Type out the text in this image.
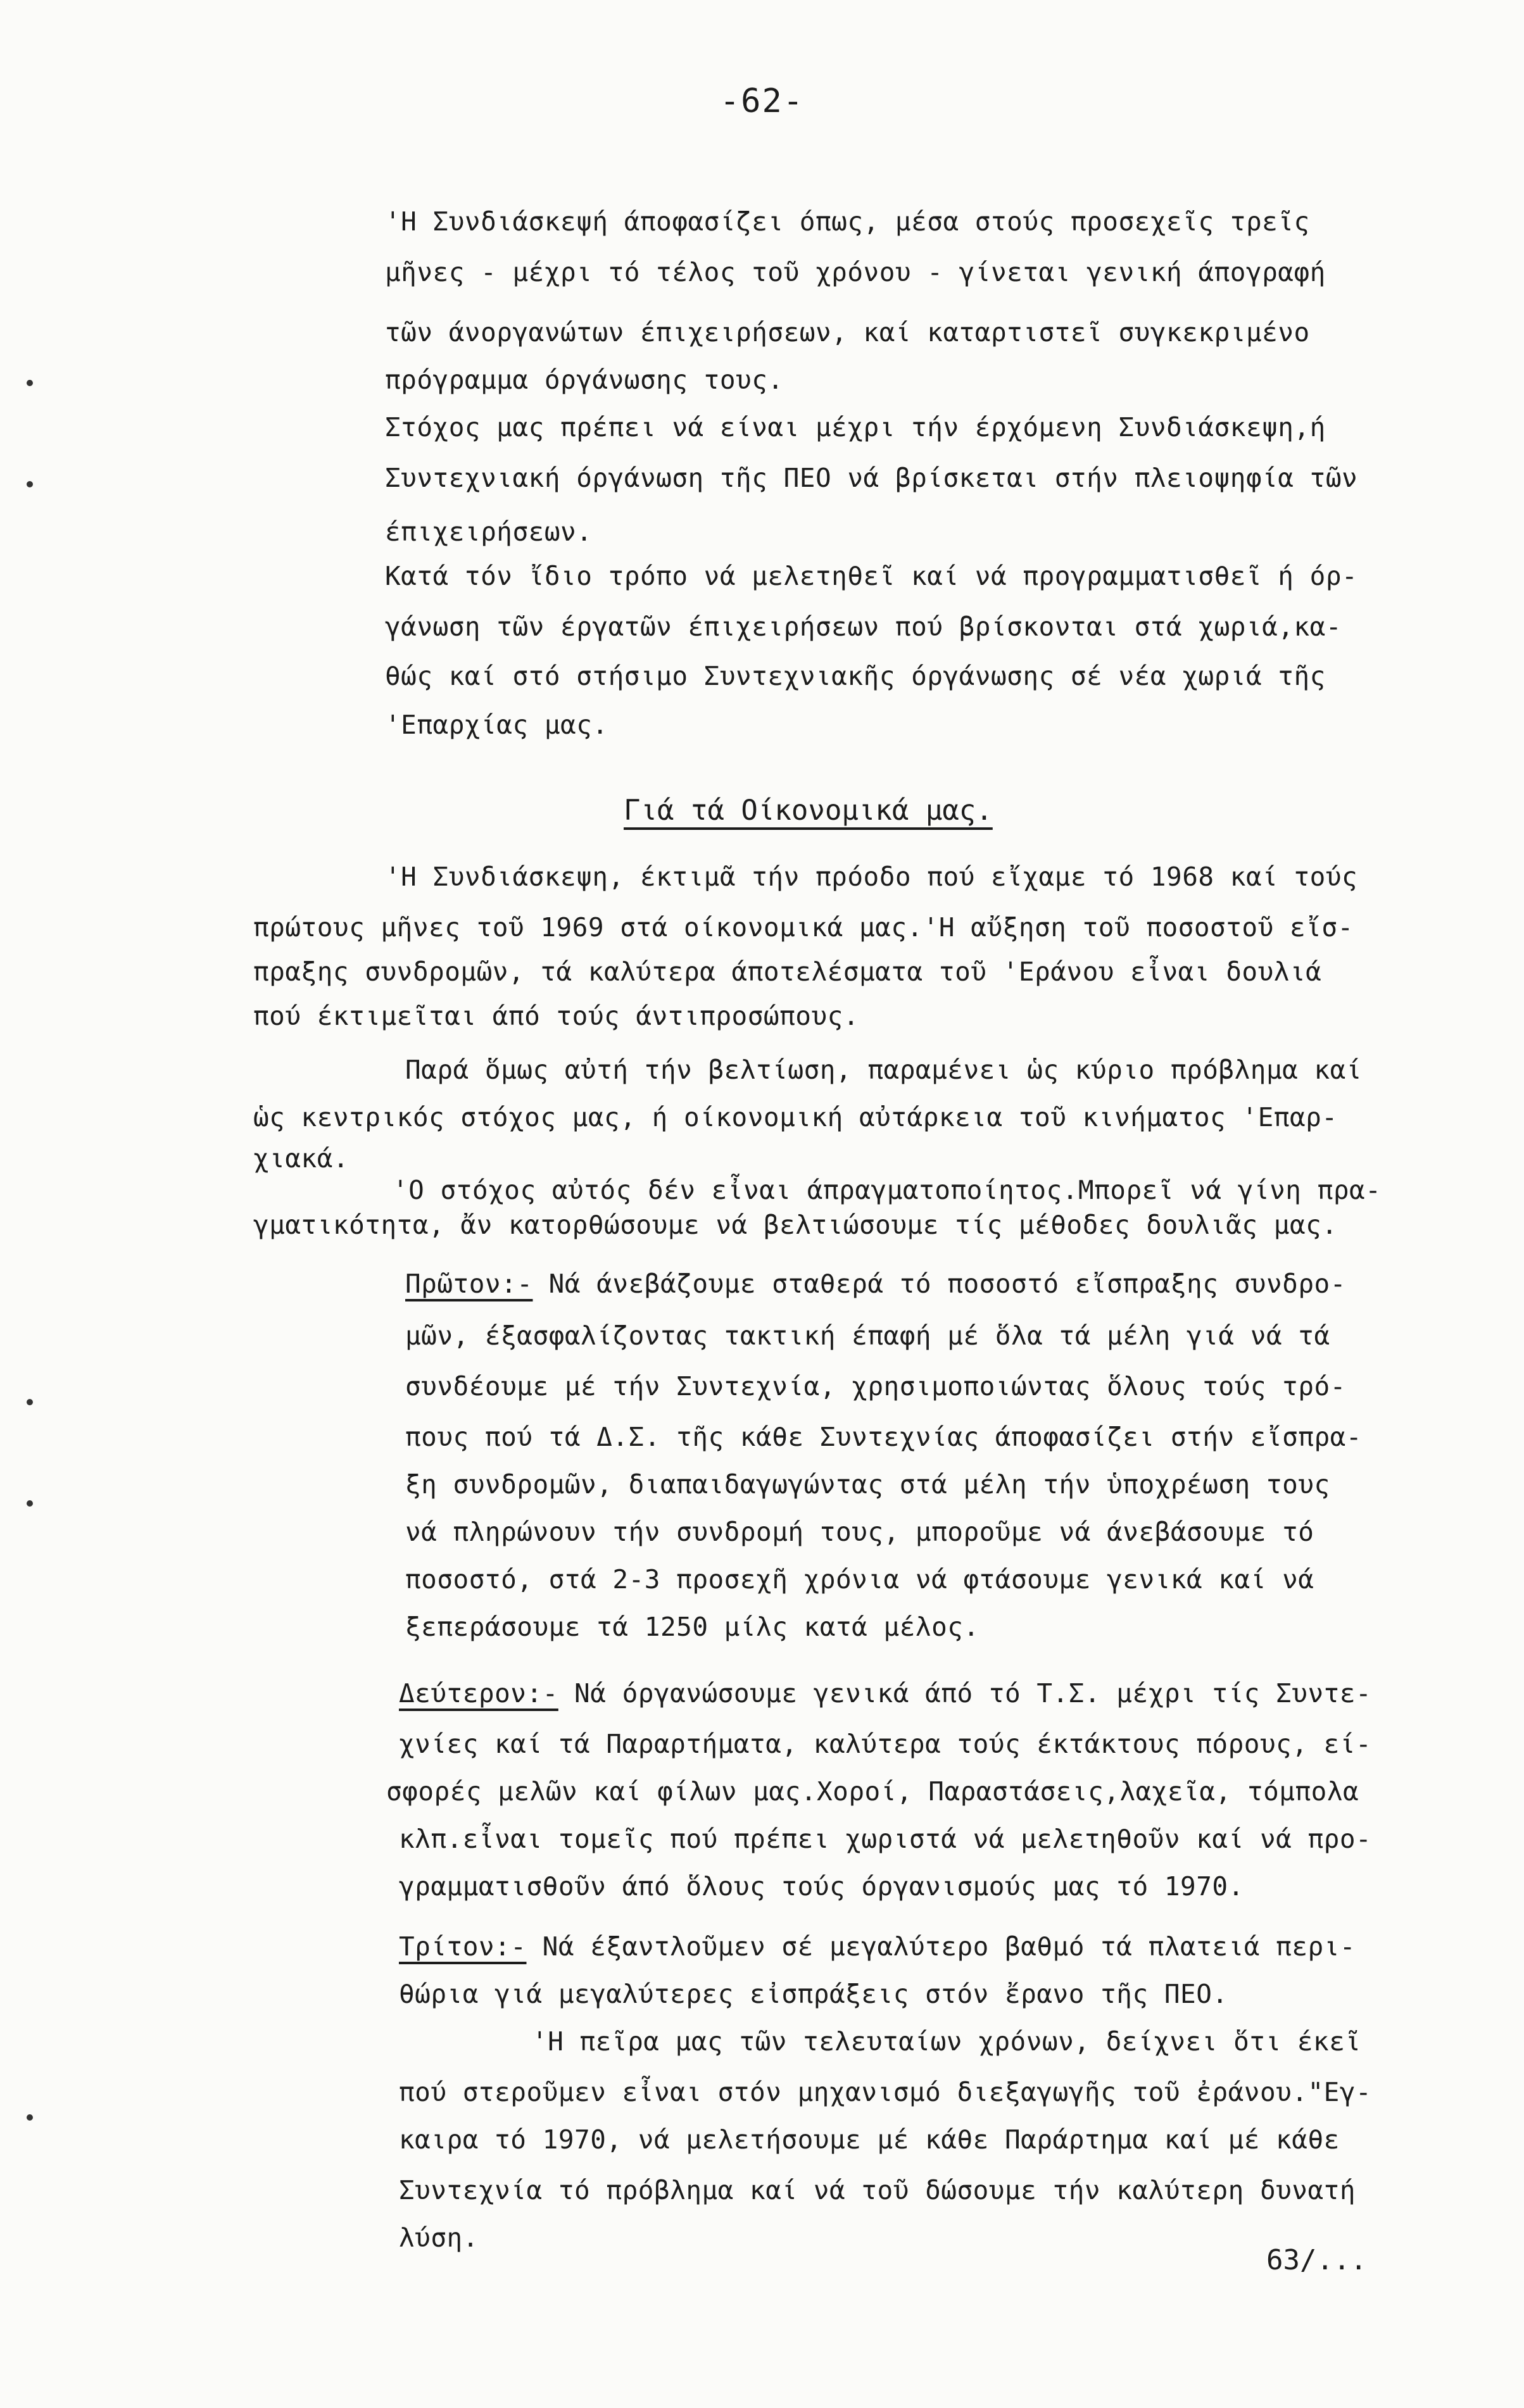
-62-
'Η Συνδιάσκεψή άποφασίζει όπως, μέσα στούς προσεχεῖς τρεῖς
μῆνες - μέχρι τό τέλος τοῦ χρόνου - γίνεται γενική άπογραφή
τῶν άνοργανώτων έπιχειρήσεων, καί καταρτιστεῖ συγκεκριμένο
πρόγραμμα όργάνωσης τους.
Στόχος μας πρέπει νά είναι μέχρι τήν έρχόμενη Συνδιάσκεψη,ή
Συντεχνιακή όργάνωση τῆς ΠΕΟ νά βρίσκεται στήν πλειοψηφία τῶν
έπιχειρήσεων.
Κατά τόν ἴδιο τρόπο νά μελετηθεῖ καί νά προγραμματισθεῖ ή όρ-
γάνωση τῶν έργατῶν έπιχειρήσεων πού βρίσκονται στά χωριά,κα-
θώς καί στό στήσιμο Συντεχνιακῆς όργάνωσης σέ νέα χωριά τῆς
'Επαρχίας μας.
Γιά τά Οίκονομικά μας.
'Η Συνδιάσκεψη, έκτιμᾶ τήν πρόοδο πού εἴχαμε τό 1968 καί τούς
πρώτους μῆνες τοῦ 1969 στά οίκονομικά μας.'Η αὔξηση τοῦ ποσοστοῦ εἴσ-
πραξης συνδρομῶν, τά καλύτερα άποτελέσματα τοῦ 'Εράνου εἶναι δουλιά
πού έκτιμεῖται άπό τούς άντιπροσώπους.
Παρά ὅμως αὐτή τήν βελτίωση, παραμένει ὡς κύριο πρόβλημα καί
ὡς κεντρικός στόχος μας, ή οίκονομική αὐτάρκεια τοῦ κινήματος 'Επαρ-
χιακά.
'Ο στόχος αὐτός δέν εἶναι άπραγματοποίητος.Μπορεῖ νά γίνη πρα-
γματικότητα, ἄν κατορθώσουμε νά βελτιώσουμε τίς μέθοδες δουλιᾶς μας.
Πρῶτον:- Νά άνεβάζουμε σταθερά τό ποσοστό εἴσπραξης συνδρο-
μῶν, έξασφαλίζοντας τακτική έπαφή μέ ὅλα τά μέλη γιά νά τά
συνδέουμε μέ τήν Συντεχνία, χρησιμοποιώντας ὅλους τούς τρό-
πους πού τά Δ.Σ. τῆς κάθε Συντεχνίας άποφασίζει στήν εἴσπρα-
ξη συνδρομῶν, διαπαιδαγωγώντας στά μέλη τήν ὑποχρέωση τους
νά πληρώνουν τήν συνδρομή τους, μποροῦμε νά άνεβάσουμε τό
ποσοστό, στά 2-3 προσεχῆ χρόνια νά φτάσουμε γενικά καί νά
ξεπεράσουμε τά 1250 μίλς κατά μέλος.
Δεύτερον:- Νά όργανώσουμε γενικά άπό τό Τ.Σ. μέχρι τίς Συντε-
χνίες καί τά Παραρτήματα, καλύτερα τούς έκτάκτους πόρους, εί-
σφορές μελῶν καί φίλων μας.Χοροί, Παραστάσεις,λαχεῖα, τόμπολα
κλπ.εἶναι τομεῖς πού πρέπει χωριστά νά μελετηθοῦν καί νά προ-
γραμματισθοῦν άπό ὅλους τούς όργανισμούς μας τό 1970.
Τρίτον:- Νά έξαντλοῦμεν σέ μεγαλύτερο βαθμό τά πλατειά περι-
θώρια γιά μεγαλύτερες εἰσπράξεις στόν ἔρανο τῆς ΠΕΟ.
'Η πεῖρα μας τῶν τελευταίων χρόνων, δείχνει ὅτι έκεῖ
πού στεροῦμεν εἶναι στόν μηχανισμό διεξαγωγῆς τοῦ ἐράνου."Εγ-
καιρα τό 1970, νά μελετήσουμε μέ κάθε Παράρτημα καί μέ κάθε
Συντεχνία τό πρόβλημα καί νά τοῦ δώσουμε τήν καλύτερη δυνατή
λύση.
63/...
